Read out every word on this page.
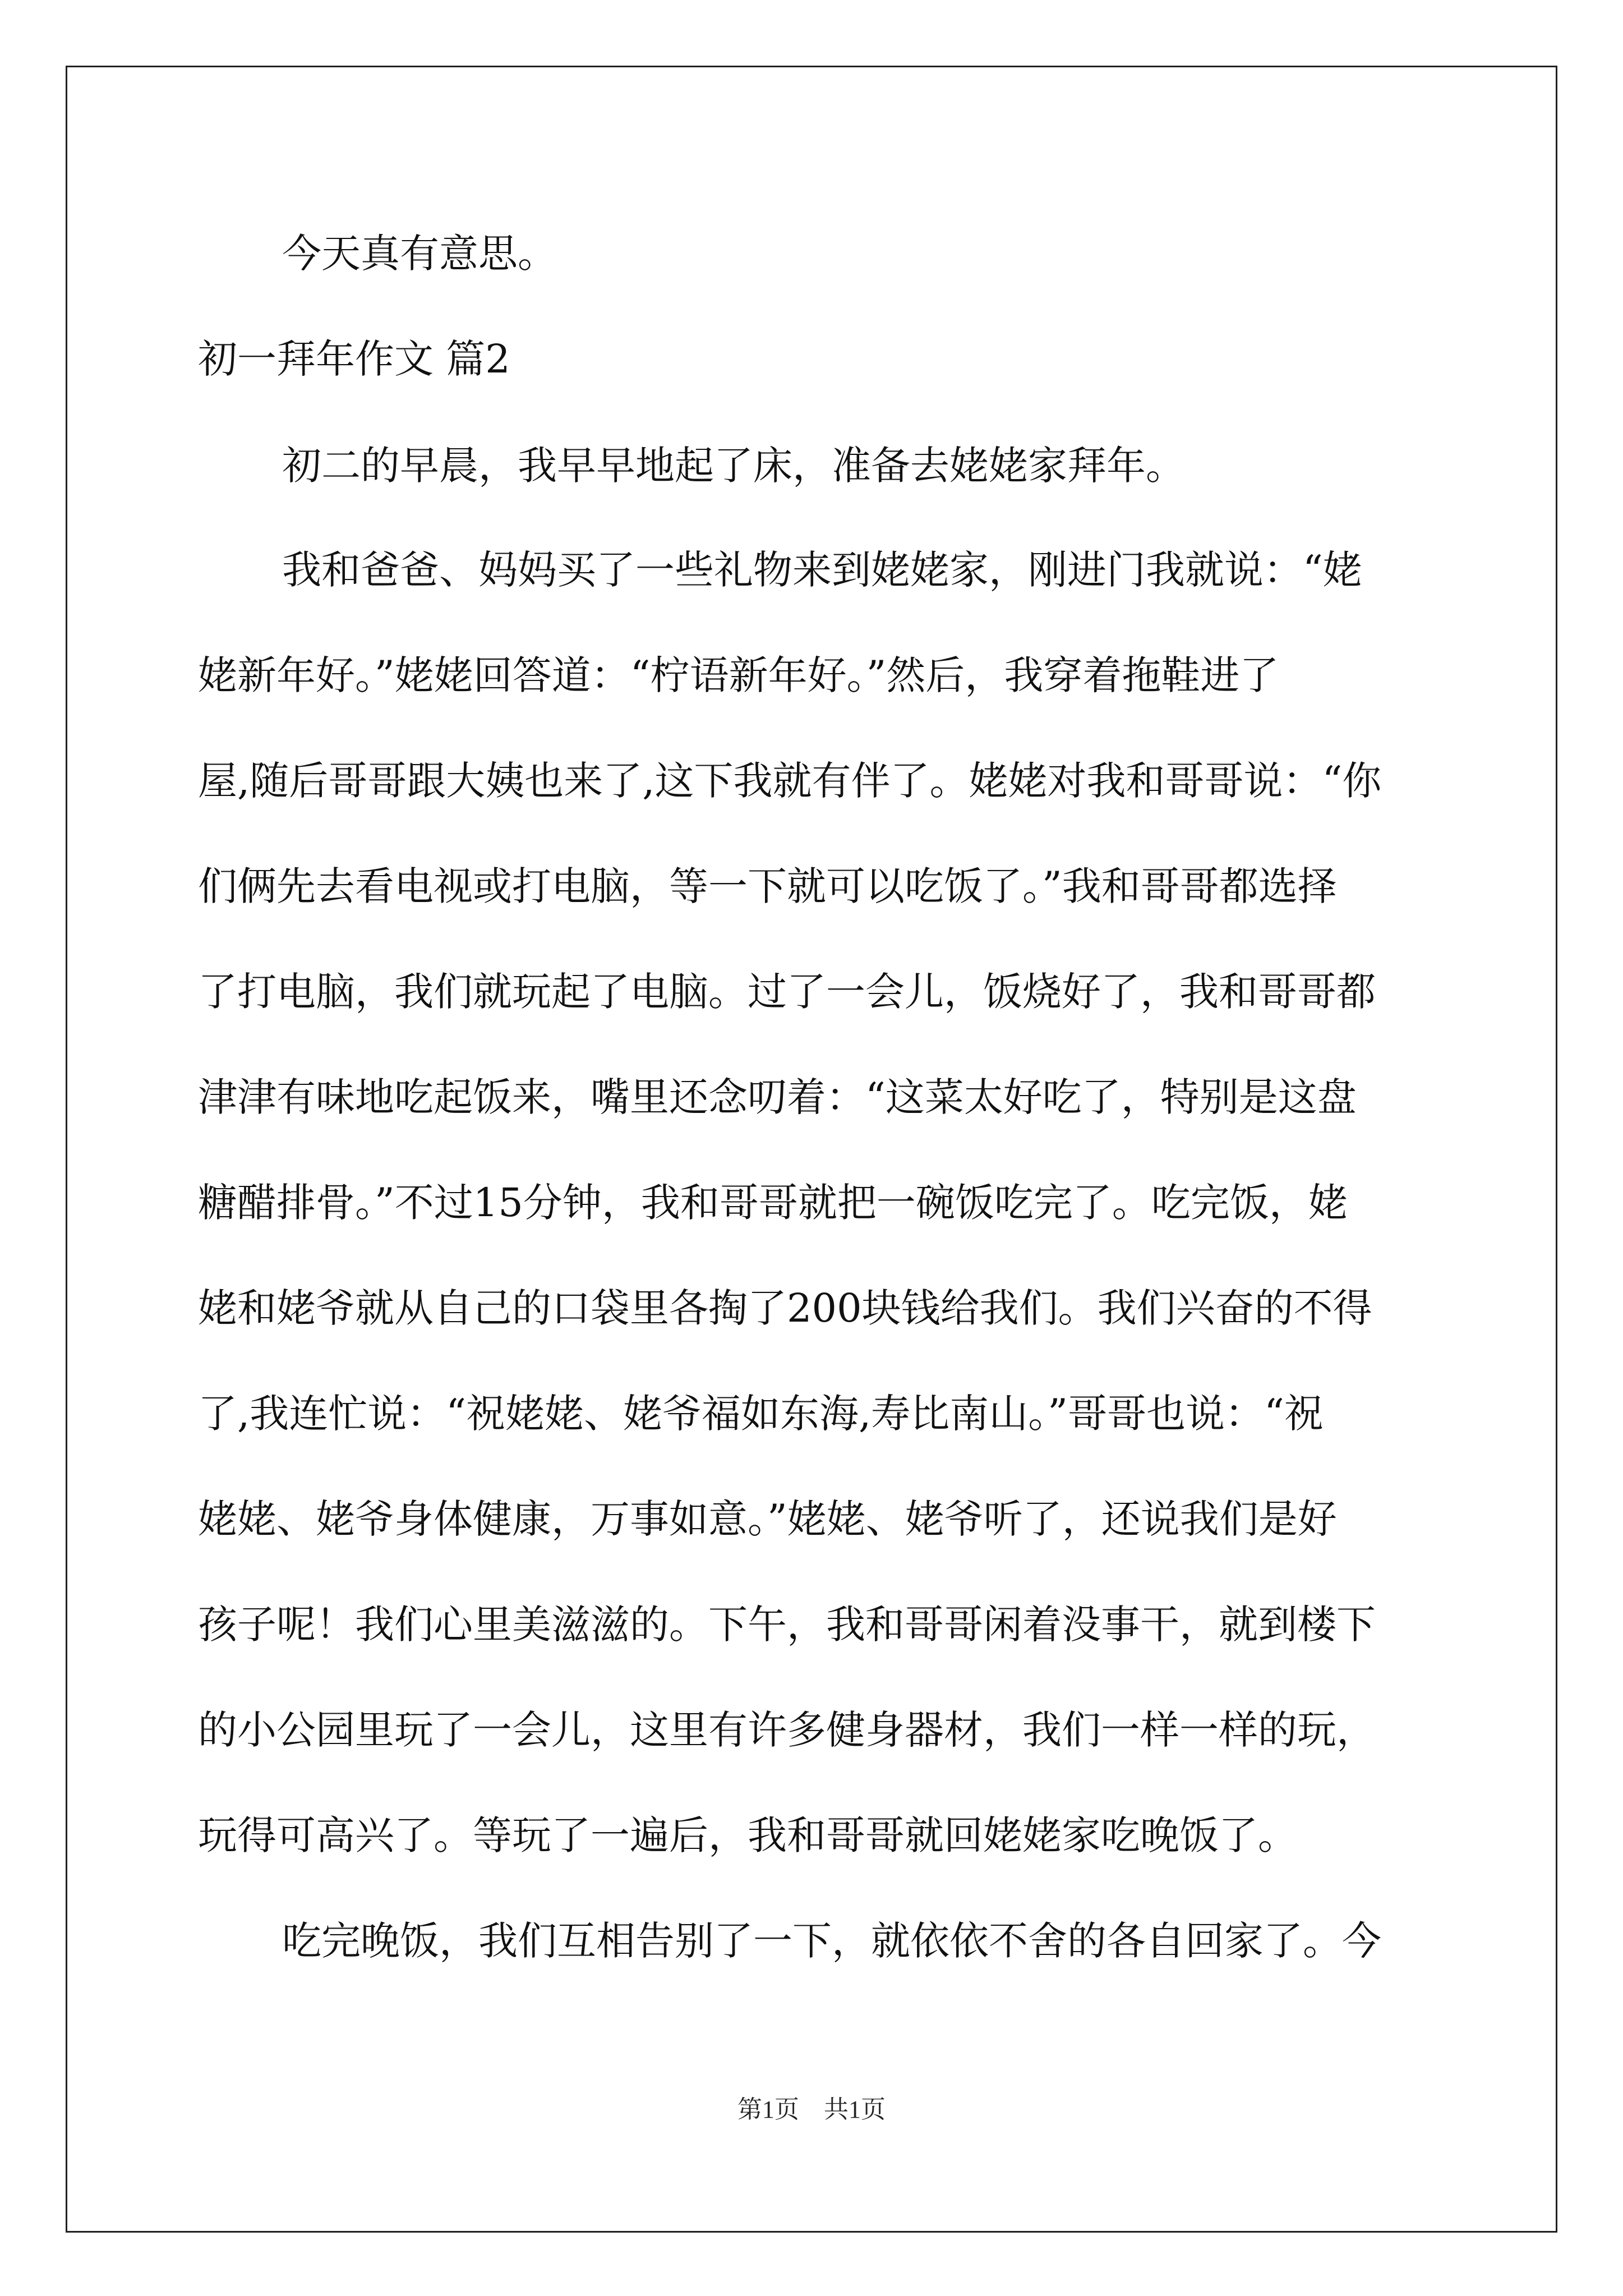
今天真有意思。
初一拜年作文 篇2
初二的早晨，我早早地起了床，准备去姥姥家拜年。
我和爸爸、妈妈买了一些礼物来到姥姥家，刚进门我就说：“姥
姥新年好。”姥姥回答道：“柠语新年好。”然后，我穿着拖鞋进了
屋,随后哥哥跟大姨也来了,这下我就有伴了。姥姥对我和哥哥说：“你
们俩先去看电视或打电脑，等一下就可以吃饭了。”我和哥哥都选择
了打电脑，我们就玩起了电脑。过了一会儿，饭烧好了，我和哥哥都
津津有味地吃起饭来，嘴里还念叨着：“这菜太好吃了，特别是这盘
糖醋排骨。”不过15分钟，我和哥哥就把一碗饭吃完了。吃完饭，姥
姥和姥爷就从自己的口袋里各掏了200块钱给我们。我们兴奋的不得
了,我连忙说：“祝姥姥、姥爷福如东海,寿比南山。”哥哥也说：“祝
姥姥、姥爷身体健康，万事如意。”姥姥、姥爷听了，还说我们是好
孩子呢！我们心里美滋滋的。下午，我和哥哥闲着没事干，就到楼下
的小公园里玩了一会儿，这里有许多健身器材，我们一样一样的玩，
玩得可高兴了。等玩了一遍后，我和哥哥就回姥姥家吃晚饭了。
吃完晚饭，我们互相告别了一下，就依依不舍的各自回家了。今
第1页　共1页
